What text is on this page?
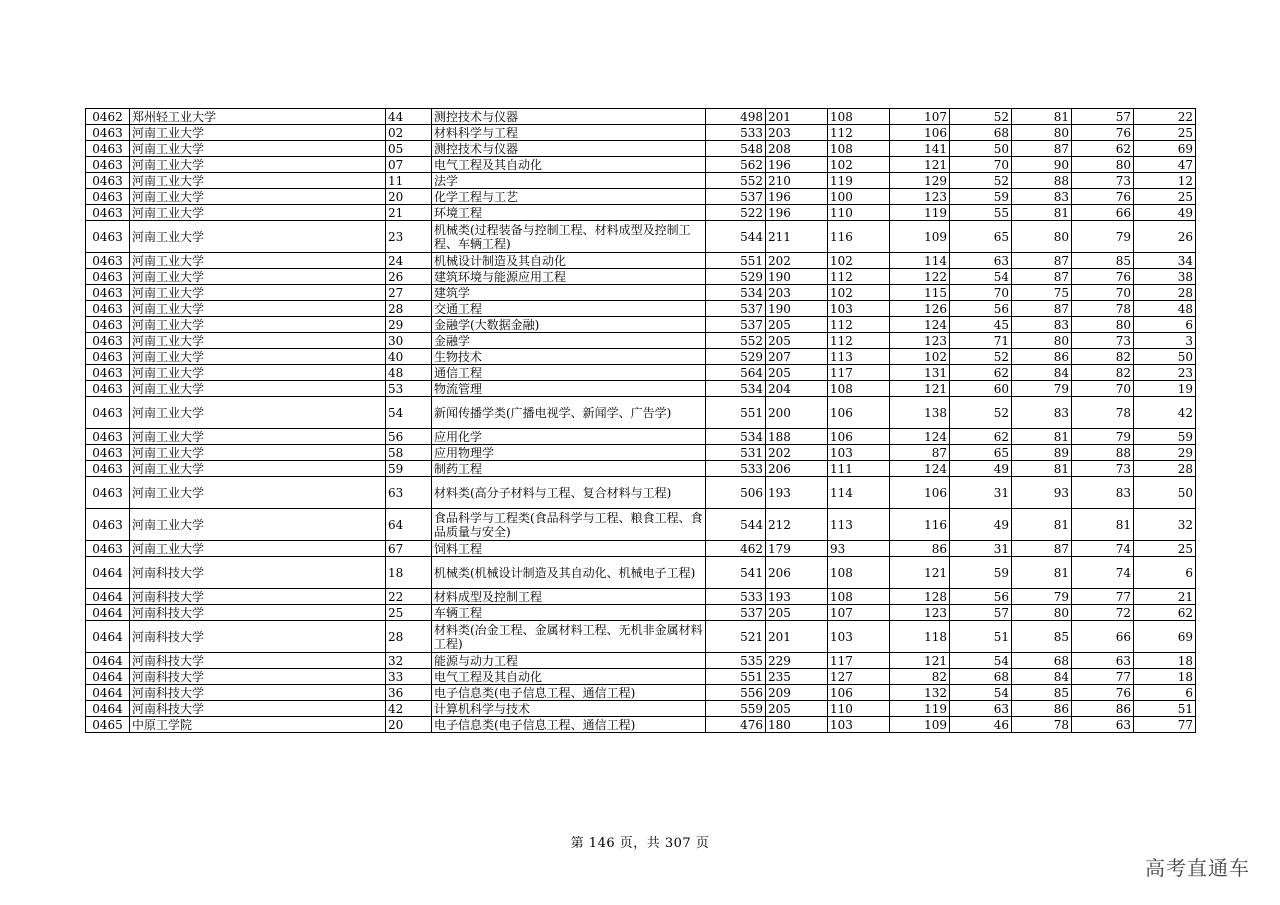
0462	郑州轻工业大学	44	测控技术与仪器	498	201	108	107	52	81	57	22
0463	河南工业大学	02	材料科学与工程	533	203	112	106	68	80	76	25
0463	河南工业大学	05	测控技术与仪器	548	208	108	141	50	87	62	69
0463	河南工业大学	07	电气工程及其自动化	562	196	102	121	70	90	80	47
0463	河南工业大学	11	法学	552	210	119	129	52	88	73	12
0463	河南工业大学	20	化学工程与工艺	537	196	100	123	59	83	76	25
0463	河南工业大学	21	环境工程	522	196	110	119	55	81	66	49
0463	河南工业大学	23	机械类(过程装备与控制工程、材料成型及控制工程、车辆工程)	544	211	116	109	65	80	79	26
0463	河南工业大学	24	机械设计制造及其自动化	551	202	102	114	63	87	85	34
0463	河南工业大学	26	建筑环境与能源应用工程	529	190	112	122	54	87	76	38
0463	河南工业大学	27	建筑学	534	203	102	115	70	75	70	28
0463	河南工业大学	28	交通工程	537	190	103	126	56	87	78	48
0463	河南工业大学	29	金融学(大数据金融)	537	205	112	124	45	83	80	6
0463	河南工业大学	30	金融学	552	205	112	123	71	80	73	3
0463	河南工业大学	40	生物技术	529	207	113	102	52	86	82	50
0463	河南工业大学	48	通信工程	564	205	117	131	62	84	82	23
0463	河南工业大学	53	物流管理	534	204	108	121	60	79	70	19
0463	河南工业大学	54	新闻传播学类(广播电视学、新闻学、广告学)	551	200	106	138	52	83	78	42
0463	河南工业大学	56	应用化学	534	188	106	124	62	81	79	59
0463	河南工业大学	58	应用物理学	531	202	103	87	65	89	88	29
0463	河南工业大学	59	制药工程	533	206	111	124	49	81	73	28
0463	河南工业大学	63	材料类(高分子材料与工程、复合材料与工程)	506	193	114	106	31	93	83	50
0463	河南工业大学	64	食品科学与工程类(食品科学与工程、粮食工程、食品质量与安全)	544	212	113	116	49	81	81	32
0463	河南工业大学	67	饲料工程	462	179	93	86	31	87	74	25
0464	河南科技大学	18	机械类(机械设计制造及其自动化、机械电子工程)	541	206	108	121	59	81	74	6
0464	河南科技大学	22	材料成型及控制工程	533	193	108	128	56	79	77	21
0464	河南科技大学	25	车辆工程	537	205	107	123	57	80	72	62
0464	河南科技大学	28	材料类(冶金工程、金属材料工程、无机非金属材料工程)	521	201	103	118	51	85	66	69
0464	河南科技大学	32	能源与动力工程	535	229	117	121	54	68	63	18
0464	河南科技大学	33	电气工程及其自动化	551	235	127	82	68	84	77	18
0464	河南科技大学	36	电子信息类(电子信息工程、通信工程)	556	209	106	132	54	85	76	6
0464	河南科技大学	42	计算机科学与技术	559	205	110	119	63	86	86	51
0465	中原工学院	20	电子信息类(电子信息工程、通信工程)	476	180	103	109	46	78	63	77
第 146 页，共 307 页
高考直通车
